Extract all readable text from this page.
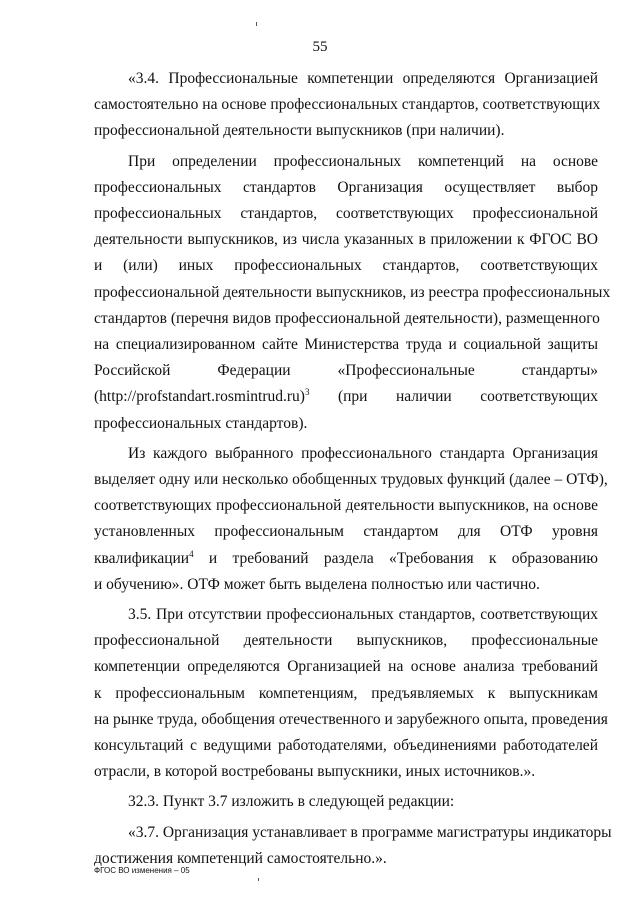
55
«3.4. Профессиональные компетенции определяются Организацией
самостоятельно на основе профессиональных стандартов, соответствующих
профессиональной деятельности выпускников (при наличии).
При определении профессиональных компетенций на основе
профессиональных стандартов Организация осуществляет выбор
профессиональных стандартов, соответствующих профессиональной
деятельности выпускников, из числа указанных в приложении к ФГОС ВО
и (или) иных профессиональных стандартов, соответствующих
профессиональной деятельности выпускников, из реестра профессиональных
стандартов (перечня видов профессиональной деятельности), размещенного
на специализированном сайте Министерства труда и социальной защиты
Российской Федерации «Профессиональные стандарты»
(http://profstandart.rosmintrud.ru)$^3$ (при наличии соответствующих
профессиональных стандартов).
Из каждого выбранного профессионального стандарта Организация
выделяет одну или несколько обобщенных трудовых функций (далее – ОТФ),
соответствующих профессиональной деятельности выпускников, на основе
установленных профессиональным стандартом для ОТФ уровня
квалификации$^4$ и требований раздела «Требования к образованию
и обучению». ОТФ может быть выделена полностью или частично.
3.5. При отсутствии профессиональных стандартов, соответствующих
профессиональной деятельности выпускников, профессиональные
компетенции определяются Организацией на основе анализа требований
к профессиональным компетенциям, предъявляемых к выпускникам
на рынке труда, обобщения отечественного и зарубежного опыта, проведения
консультаций с ведущими работодателями, объединениями работодателей
отрасли, в которой востребованы выпускники, иных источников.».
32.3. Пункт 3.7 изложить в следующей редакции:
«3.7. Организация устанавливает в программе магистратуры индикаторы
достижения компетенций самостоятельно.».
ФГОС ВО изменения – 05
